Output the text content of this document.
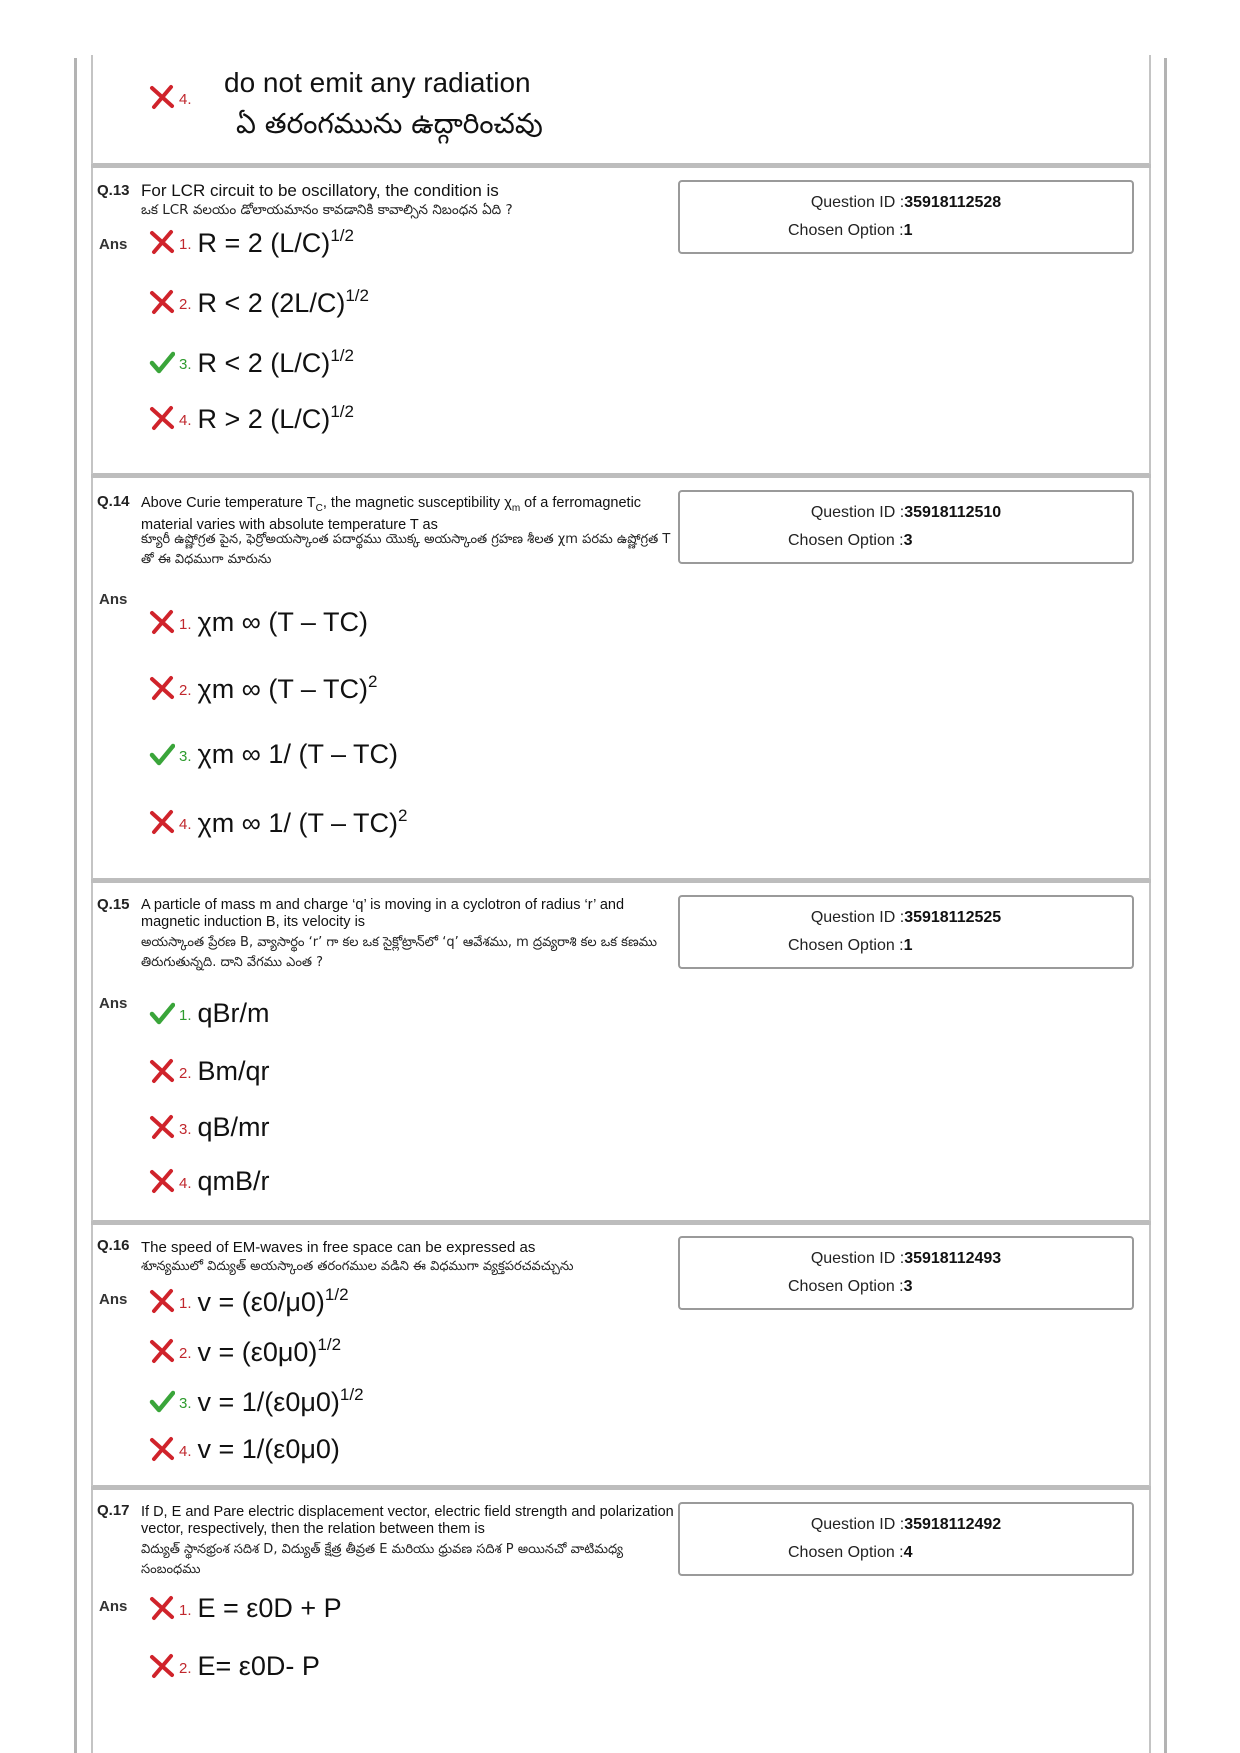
4.
do not emit any radiation
ఏ తరంగమును ఉద్గారించవు
Q.13 For LCR circuit to be oscillatory, the condition is
ఒక LCR వలయం డోలాయమానం కావడానికి కావాల్సిన నిబంధన ఏది ?
Ans
Question ID :35918112528
Chosen Option :1
1. R = 2 $(L/C)^{1/2}$
2. R < 2 $(2L/C)^{1/2}$
3. R < 2 $(L/C)^{1/2}$
4. R > 2 $(L/C)^{1/2}$
Q.14 Above Curie temperature $T_C$, the magnetic susceptibility $\chi_m$ of a ferromagnetic material varies with absolute temperature T as
క్యూరీ ఉష్ణోగ్రత పైన, ఫెర్రోఅయస్కాంత పదార్థము యొక్క అయస్కాంత గ్రహణ శీలత χm పరమ ఉష్ణోగ్రత T తో ఈ విధముగా మారును
Ans
Question ID :35918112510
Chosen Option :3
1. χm ∞ (T – TC)
2. χm ∞ (T – TC)$^2$
3. χm ∞ 1/ (T – TC)
4. χm ∞ 1/ (T – TC)$^2$
Q.15 A particle of mass m and charge ‘q’ is moving in a cyclotron of radius ‘r’ and magnetic induction B, its velocity is
అయస్కాంత ప్రేరణ B, వ్యాసార్థం ‘r’ గా కల ఒక సైక్లోట్రాన్‌లో ‘q’ ఆవేశము, m ద్రవ్యరాశి కల ఒక కణము తిరుగుతున్నది. దాని వేగము ఎంత ?
Ans
Question ID :35918112525
Chosen Option :1
1. qBr/m
2. Bm/qr
3. qB/mr
4. qmB/r
Q.16 The speed of EM-waves in free space can be expressed as
శూన్యములో విద్యుత్ అయస్కాంత తరంగముల వడిని ఈ విధముగా వ్యక్తపరచవచ్చును
Ans
Question ID :35918112493
Chosen Option :3
1. $v = (\varepsilon 0/\mu 0)^{1/2}$
2. $v = (\varepsilon 0\mu 0)^{1/2}$
3. $v = 1/(\varepsilon 0\mu 0)^{1/2}$
4. v = 1/(ε0μ0)
Q.17 If D, E and Pare electric displacement vector, electric field strength and polarization vector, respectively, then the relation between them is
విద్యుత్ స్థానభ్రంశ సదిశ D, విద్యుత్ క్షేత్ర తీవ్రత E మరియు ధ్రువణ సదిశ P అయినచో వాటిమధ్య సంబంధము
Ans
Question ID :35918112492
Chosen Option :4
1. E = ε0D + P
2. E= ε0D- P
